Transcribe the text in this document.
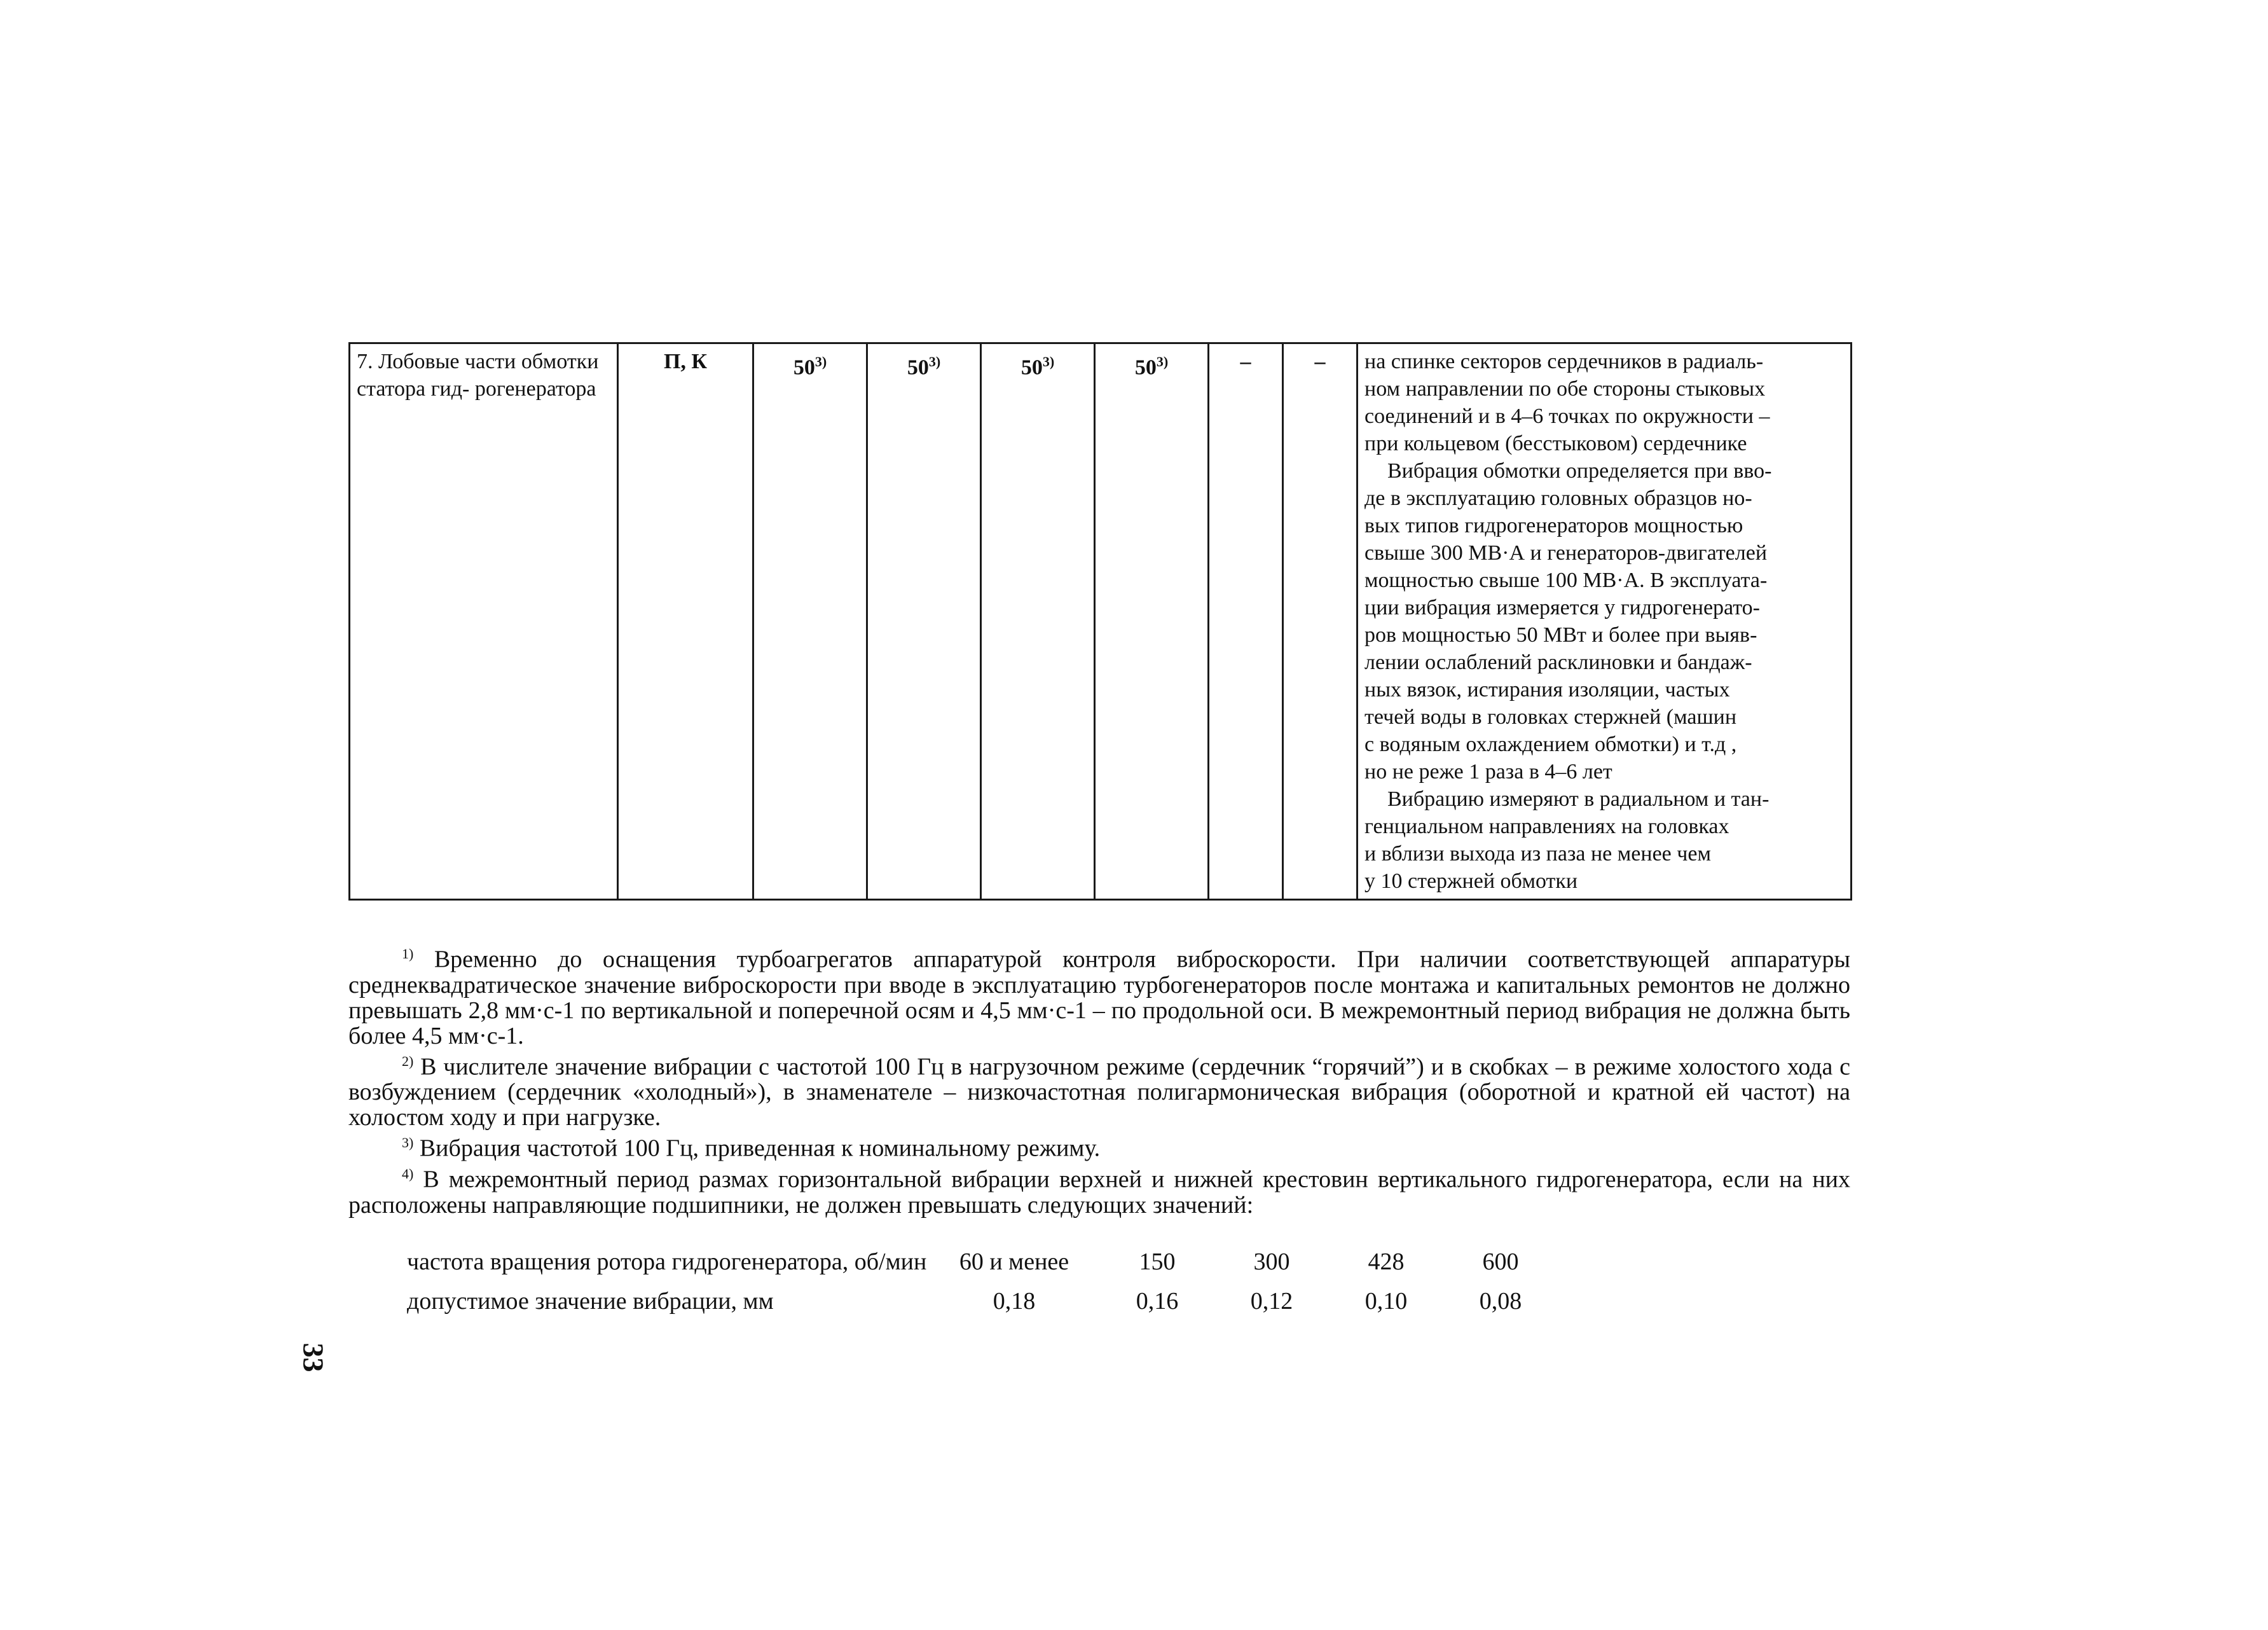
7. Лобовые части обмотки статора гид- рогенератора	П, К	50$^{3)}$	50$^{3)}$	50$^{3)}$	50$^{3)}$	–	–	на спинке секторов сердечников в радиаль-
ном направлении по обе стороны стыковых
соединений и в 4–6 точках по окружности –
при кольцевом (бесстыковом) сердечнике
Вибрация обмотки определяется при вво-
де в эксплуатацию головных образцов но-
вых типов гидрогенераторов мощностью
свыше 300 МВ·А и генераторов-двигателей
мощностью свыше 100 МВ·А. В эксплуата-
ции вибрация измеряется у гидрогенерато-
ров мощностью 50 МВт и более при выяв-
лении ослаблений расклиновки и бандаж-
ных вязок, истирания изоляции, частых
течей воды в головках стержней (машин
с водяным охлаждением обмотки) и т.д ,
но не реже 1 раза в 4–6 лет
Вибрацию измеряют в радиальном и тан-
генциальном направлениях на головках
и вблизи выхода из паза не менее чем
у 10 стержней обмотки

$^{1)}$ Временно до оснащения турбоагрегатов аппаратурой контроля виброскорости. При наличии соответствующей аппаратуры среднеквадратическое значение виброскорости при вводе в эксплуатацию турбогенераторов после монтажа и капитальных ремонтов не должно превышать 2,8 мм·с-1 по вертикальной и поперечной осям и 4,5 мм·с-1 – по продольной оси. В межремонтный период вибрация не должна быть более 4,5 мм·с-1.

$^{2)}$ В числителе значение вибрации с частотой 100 Гц в нагрузочном режиме (сердечник “горячий”) и в скобках – в режиме холостого хода с возбуждением (сердечник «холодный»), в знаменателе – низкочастотная полигармоническая вибрация (оборотной и кратной ей частот) на холостом ходу и при нагрузке.

$^{3)}$ Вибрация частотой 100 Гц, приведенная к номинальному режиму.

$^{4)}$ В межремонтный период размах горизонтальной вибрации верхней и нижней крестовин вертикального гидрогенератора, если на них расположены направляющие подшипники, не должен превышать следующих значений:

частота вращения ротора гидрогенератора, об/мин	60 и менее	150	300	428	600
допустимое значение вибрации, мм	0,18	0,16	0,12	0,10	0,08
33
